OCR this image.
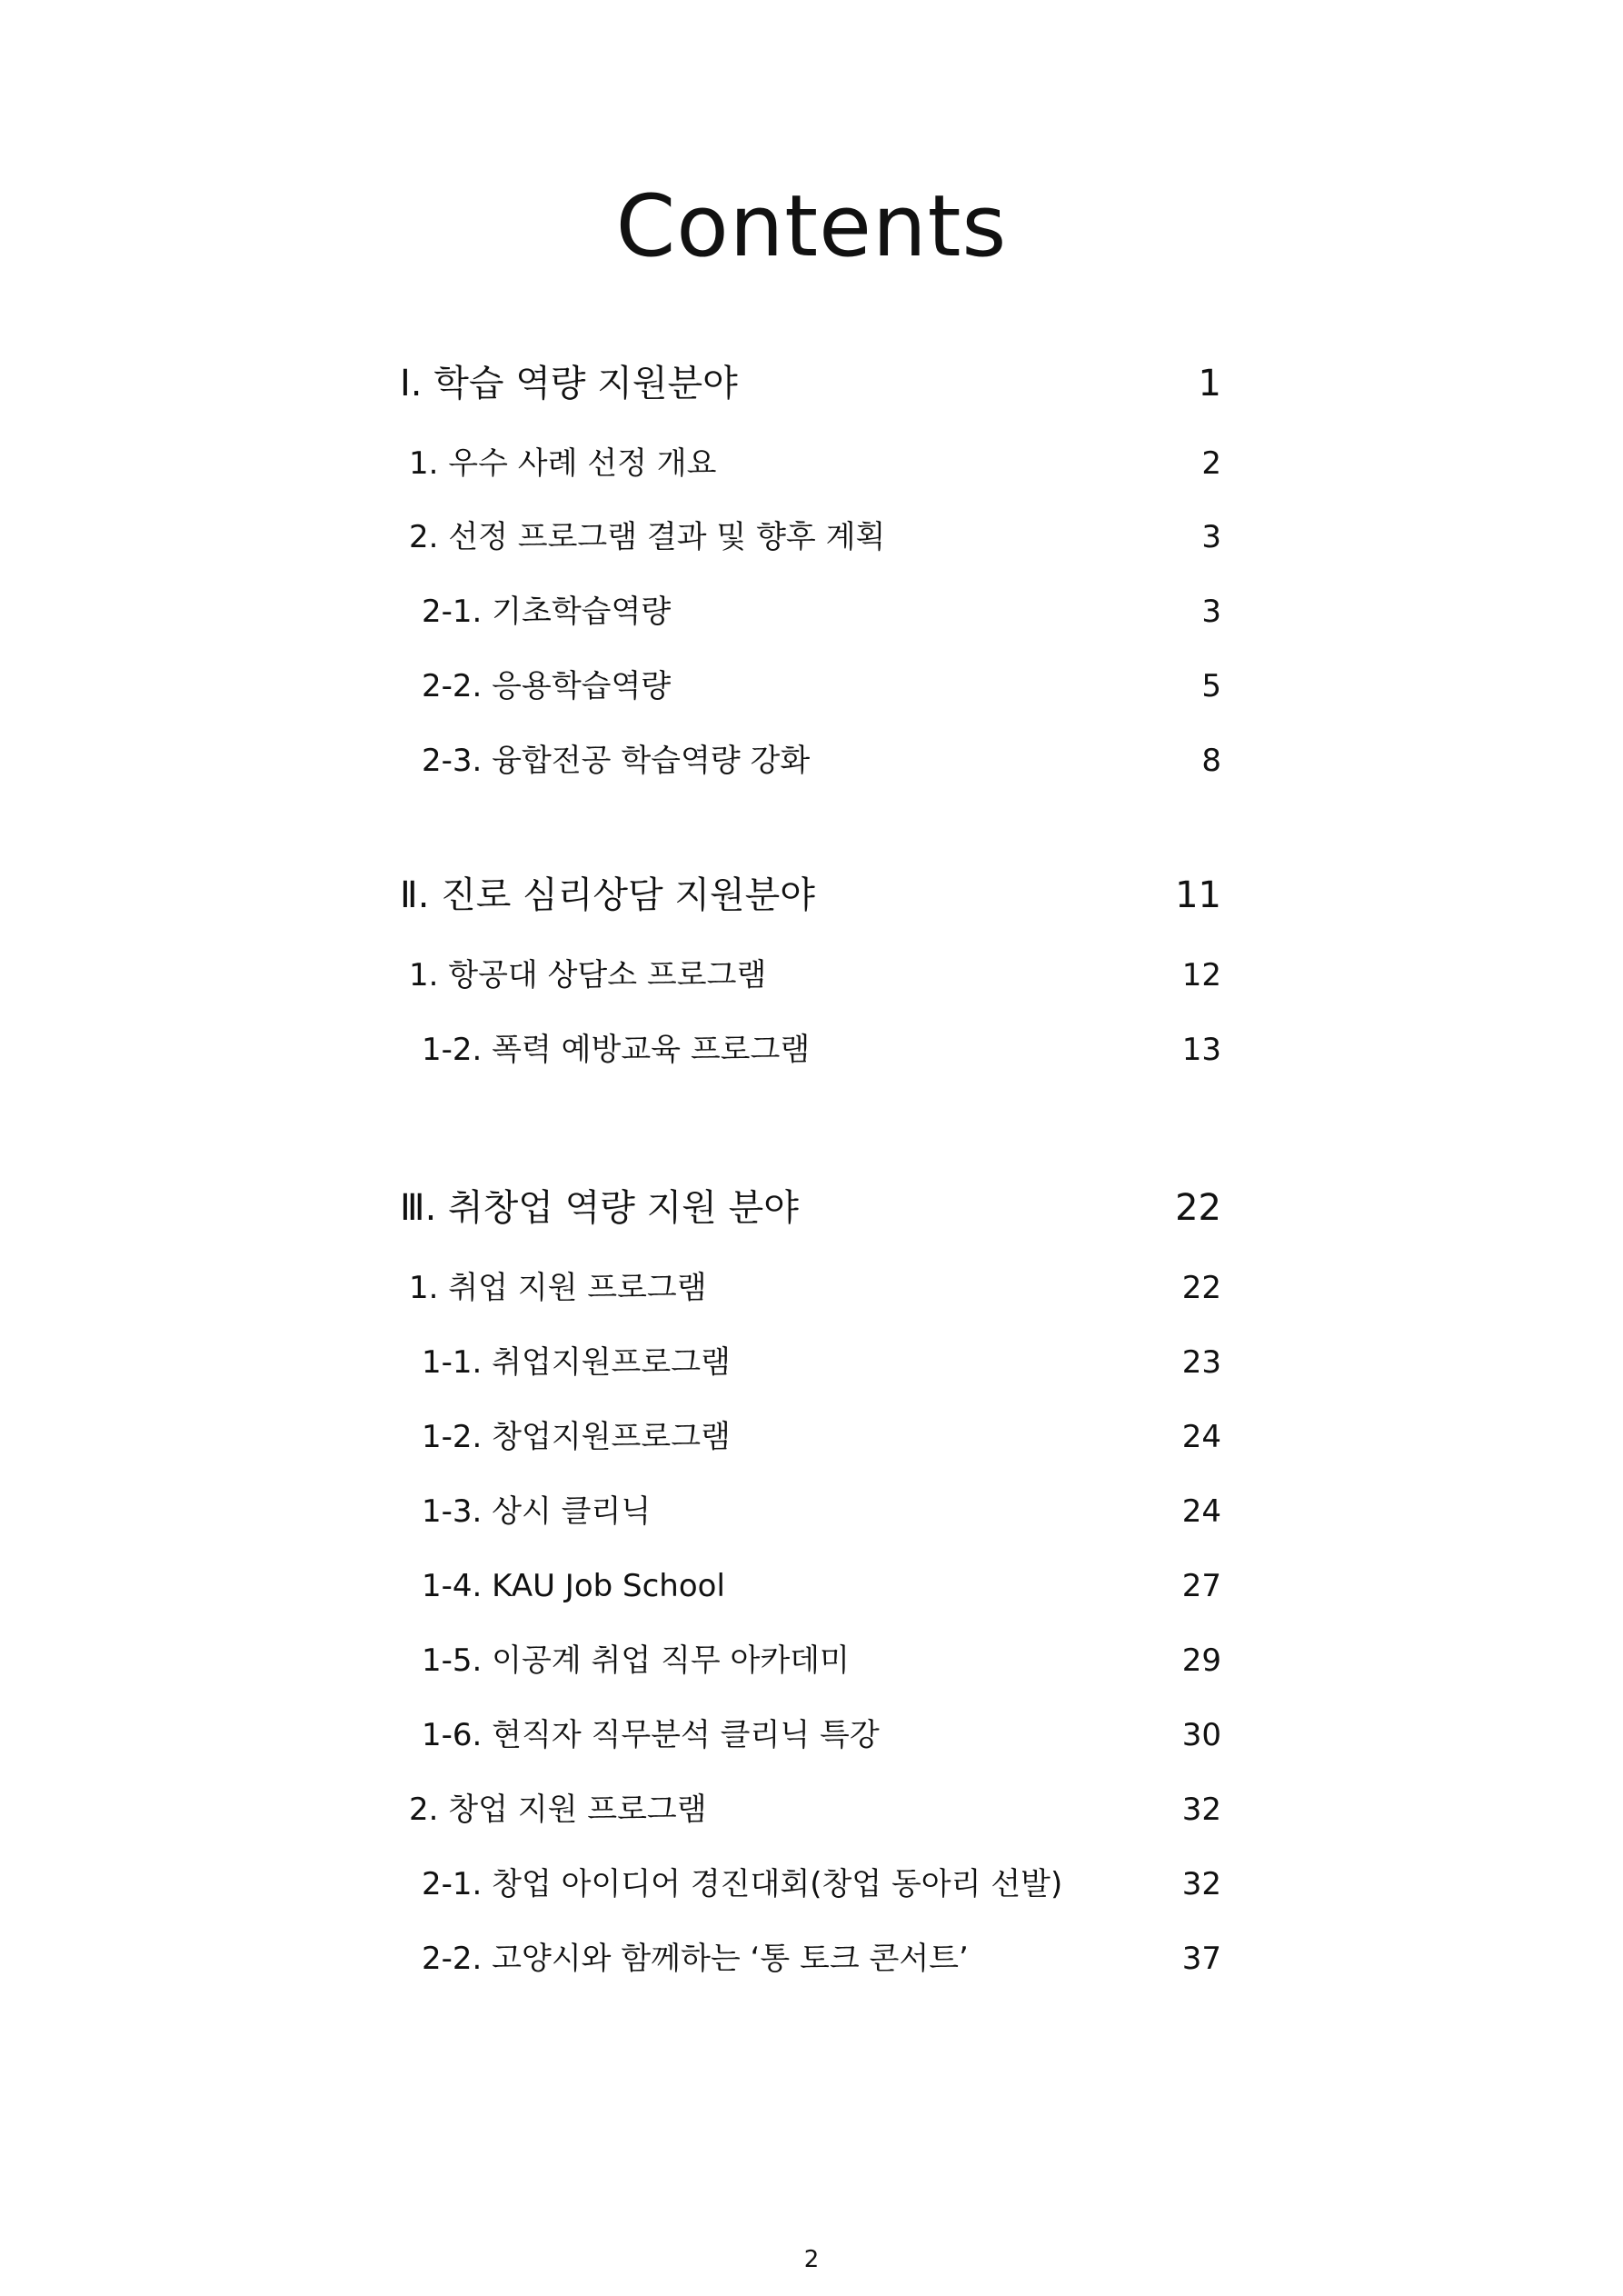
Contents
Ⅰ. 학습 역량 지원분야	1
1. 우수 사례 선정 개요	2
2. 선정 프로그램 결과 및 향후 계획	3
2-1. 기초학습역량	3
2-2. 응용학습역량	5
2-3. 융합전공 학습역량 강화	8
Ⅱ. 진로 심리상담 지원분야	11
1. 항공대 상담소 프로그램	12
1-2. 폭력 예방교육 프로그램	13
Ⅲ. 취창업 역량 지원 분야	22
1. 취업 지원 프로그램	22
1-1. 취업지원프로그램	23
1-2. 창업지원프로그램	24
1-3. 상시 클리닉	24
1-4. KAU Job School	27
1-5. 이공계 취업 직무 아카데미	29
1-6. 현직자 직무분석 클리닉 특강	30
2. 창업 지원 프로그램	32
2-1. 창업 아이디어 경진대회(창업 동아리 선발)	32
2-2. 고양시와 함께하는 ‘통 토크 콘서트’	37
2
